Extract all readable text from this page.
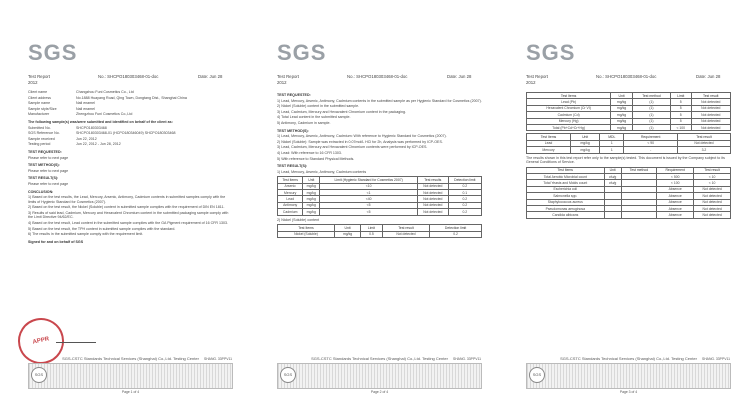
SGS
Test Report	No.: SHCPO180303468-01-doc	Date: Jun 28

2012

Client name	Changzhou Funi Cosmetics Co., Ltd

Client address	No.1888 Huayang Road, Qing Town, Dongtang Dist., Shanghai China

Sample name	Nail enamel

Sample style/Size	Nail enamel

Manufacturer	Zhengzhou Funi Cosmetics Co.,Ltd

The following sample(s) was/were submitted and identified on behalf of the client as:

Submitted No.	SHCPO180303468

SGS Reference No.	SHCPO180303468-01 (HCPO180346049) SHCPO180303468

Sample received	Jun 22, 2012

Testing period	Jun 22, 2012 - Jun 28, 2012

TEST REQUESTED:

Please refer to next page

TEST METHOD(S):

Please refer to next page

TEST RESULT(S):

Please refer to next page

CONCLUSION:

1) Based on the test results, the Lead, Mercury, Arsenic, Antimony, Cadmium contents in submitted samples comply with the limits of Hygienic Standard for Cosmetics (2007).

2) Based on the test result, the Nickel (Soluble) content in submitted sample complies with the requirement of DIN EN 1811.

3) Results of said lead, Cadmium, Mercury and Hexavalent Chromium content in the submitted packaging sample comply with the Limit Directive 94/62/EC.

4) Based on the test result, Lead content in the submitted sample complies with the GA Pigment requirement of 16 CFR 1303.

5) Based on the test result, the TPH content in submitted sample complies with the standard.

6) The results in the submitted sample comply with the requirement limit.

Signed for and on behalf of SGS

APPR
SGS-CSTC Standards Technical Services (Shanghai) Co.,Ltd. Testing Center
SGS
SHANG. 33PPV11
Page 1 of 4
SGS
Test Report	No.: SHCPO180303468-01-doc	Date: Jun 28

2012

TEST REQUESTED:

1) Lead, Mercury, Arsenic, Antimony, Cadmium contents in the submitted sample as per Hygienic Standard for Cosmetics (2007).

2) Nickel (Soluble) content in the submitted sample.

3) Lead, Cadmium, Mercury and Hexavalent Chromium content in the packaging.

4) Total Lead content in the submitted sample.

5) Antimony, Cadmium in sample.

TEST METHOD(S):

1) Lead, Mercury, Arsenic, Antimony, Cadmium: With reference to Hygienic Standard for Cosmetics (2007).

2) Nickel (Soluble): Sample was extracted in 0.07mol/L HCl for 2h, Analysis was performed by ICP-OES.

3) Lead, Cadmium, Mercury and Hexavalent Chromium contents were performed by ICP-OES.

4) Lead: With reference to 16 CFR 1303.

5) With reference to Standard Physical Methods.

TEST RESULT(S):

1) Lead, Mercury, Arsenic, Antimony, Cadmium contents

Test Items	Unit	Limit (Hygienic Standard for Cosmetics 2007)	Test results	Detection limit
Arsenic	mg/kg	<10	Not detected	0.2
Mercury	mg/kg	<1	Not detected	0.1
Lead	mg/kg	<40	Not detected	0.2
Antimony	mg/kg	<5	Not detected	0.2
Cadmium	mg/kg	<5	Not detected	0.2

2) Nickel (Soluble) content

Test Items	Unit	Limit	Test result	Detection limit
Nickel (Soluble)	mg/kg	0.5	Not detected	0.2
SGS-CSTC Standards Technical Services (Shanghai) Co.,Ltd. Testing Center
SGS
SHANG. 33PPV11
Page 2 of 4
SGS
Test Report	No.: SHCPO180303468-01-doc	Date: Jun 28

2012
Test Items	Unit	Test method	Limit	Test result
Lead (Pb)	mg/kg	(1)	5	Not detected
Hexavalent Chromium (Cr VI)	mg/kg	(1)	5	Not detected
Cadmium (Cd)	mg/kg	(1)	5	Not detected
Mercury (Hg)	mg/kg	(1)	5	Not detected
Total (Pb+Cd+Cr+Hg)	mg/kg	(1)	< 100	Not detected
Test Items	Unit	MDL	Requirement	Test result
Lead	mg/kg	1	< 90	Not detected
Mercury	mg/kg	1	-	3.2

The results shown in this test report refer only to the sample(s) tested. This document is issued by the Company subject to its General Conditions of Service.

Test Items	Unit	Test method	Requirement	Test result
Total Aerobic Microbial count	cfu/g		< 500	< 10
Total Yeasts and Molds count	cfu/g		< 100	< 10
Escherichia coli			Absence	Not detected
Salmonella spp.			Absence	Not detected
Staphylococcus aureus			Absence	Not detected
Pseudomonas aeruginosa			Absence	Not detected
Candida albicans			Absence	Not detected
SGS-CSTC Standards Technical Services (Shanghai) Co.,Ltd. Testing Center
SGS
SHANG. 33PPV11
Page 3 of 4
